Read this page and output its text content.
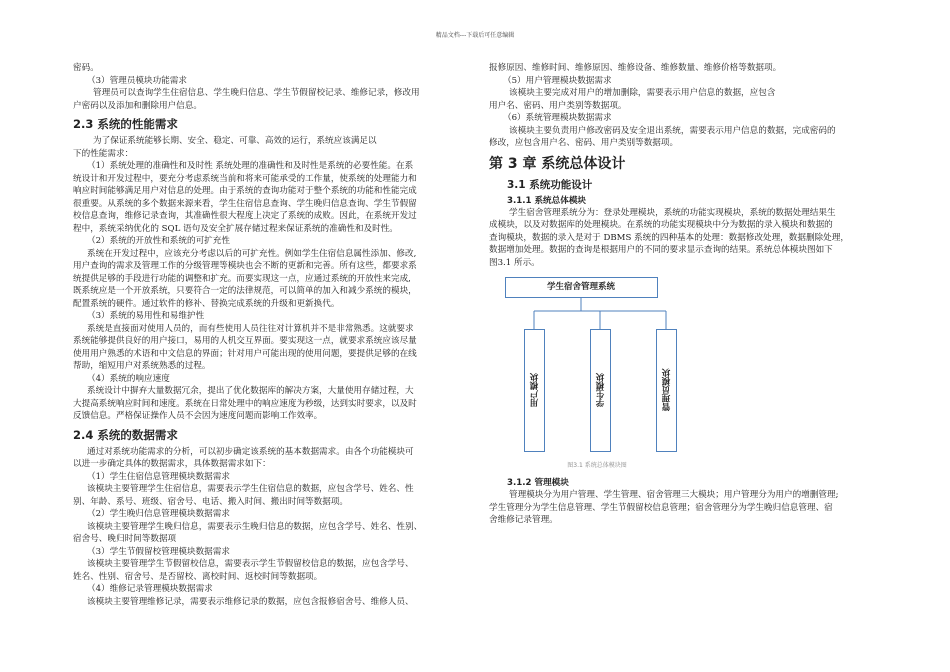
精品文档---下载后可任意编辑
密码。
（3）管理员模块功能需求
管理员可以查询学生住宿信息、学生晚归信息、学生节假留校记录、维修记录，修改用
户密码以及添加和删除用户信息。
2.3 系统的性能需求
为了保证系统能够长期、安全、稳定、可靠、高效的运行，系统应该满足以
下的性能需求：
（1）系统处理的准确性和及时性 系统处理的准确性和及时性是系统的必要性能。在系
统设计和开发过程中，要充分考虑系统当前和将来可能承受的工作量，使系统的处理能力和
响应时间能够满足用户对信息的处理。由于系统的查询功能对于整个系统的功能和性能完成
很重要。从系统的多个数据来源来看，学生住宿信息查询、学生晚归信息查询、学生节假留
校信息查询，维修记录查询，其准确性很大程度上决定了系统的成败。因此，在系统开发过
程中，系统采纳优化的 SQL 语句及安全扩展存储过程来保证系统的准确性和及时性。
（2）系统的开放性和系统的可扩充性
系统在开发过程中，应该充分考虑以后的可扩充性。例如学生住宿信息属性添加、修改,
用户查询的需求及管理工作的分级管理等模块也会不断的更新和完善。所有这些，都要求系
统提供足够的手段进行功能的调整和扩充。而要实现这一点，应通过系统的开放性来完成,
既系统应是一个开放系统，只要符合一定的法律规范，可以简单的加入和减少系统的模块，
配置系统的硬件。通过软件的修补、替换完成系统的升级和更新换代。
（3）系统的易用性和易维护性
系统是直接面对使用人员的，而有些使用人员往往对计算机并不是非常熟悉。这就要求
系统能够提供良好的用户接口，易用的人机交互界面。要实现这一点，就要求系统应该尽量
使用用户熟悉的术语和中文信息的界面；针对用户可能出现的使用问题，要提供足够的在线
帮助，缩短用户对系统熟悉的过程。
（4）系统的响应速度
系统设计中摒弃大量数据冗余，提出了优化数据库的解决方案，大量使用存储过程，大
大提高系统响应时间和速度。系统在日常处理中的响应速度为秒级，达到实时要求，以及时
反馈信息。严格保证操作人员不会因为速度问题而影响工作效率。
2.4 系统的数据需求
通过对系统功能需求的分析，可以初步确定该系统的基本数据需求。由各个功能模块可
以进一步确定具体的数据需求，具体数据需求如下：
（1）学生住宿信息管理模块数据需求
该模块主要管理学生住宿信息，需要表示学生住宿信息的数据，应包含学号、姓名、性
别、年龄、系号、班级、宿舍号、电话、搬入时间、搬出时间等数据项。
（2）学生晚归信息管理模块数据需求
该模块主要管理学生晚归信息，需要表示生晚归信息的数据，应包含学号、姓名、性别、
宿舍号、晚归时间等数据项
（3）学生节假留校管理模块数据需求
该模块主要管理学生节假留校信息，需要表示学生节假留校信息的数据，应包含学号、
姓名、性别、宿舍号、是否留校、离校时间、返校时间等数据项。
（4）维修记录管理模块数据需求
该模块主要管理维修记录，需要表示维修记录的数据，应包含报修宿舍号、维修人员、
报修原因、维修时间、维修原因、维修设备、维修数量、维修价格等数据项。
（5）用户管理模块数据需求
该模块主要完成对用户的增加删除，需要表示用户信息的数据，应包含
用户名、密码、用户类别等数据项。
（6）系统管理模块数据需求
该模块主要负责用户修改密码及安全退出系统，需要表示用户信息的数据，完成密码的
修改，应包含用户名、密码、用户类别等数据项。
第 3 章 系统总体设计
3.1 系统功能设计
3.1.1 系统总体模块
学生宿舍管理系统分为：登录处理模块，系统的功能实现模块，系统的数据处理结果生
成模块，以及对数据库的处理模块。在系统的功能实现模块中分为数据的录入模块和数据的
查询模块，数据的录入是对于 DBMS 系统的四种基本的处理：数据修改处理，数据删除处理，
数据增加处理。数据的查询是根据用户的不同的要求显示查询的结果。系统总体模块图如下
图3.1 所示。
学生宿舍管理系统
用户模块	学生模块	管理员模块
图3.1 系统总体模块图
3.1.2 管理模块
管理模块分为用户管理、学生管理、宿舍管理三大模块；用户管理分为用户的增删管理;
学生管理分为学生信息管理、学生节假留校信息管理；宿舍管理分为学生晚归信息管理、宿
舍维修记录管理。
